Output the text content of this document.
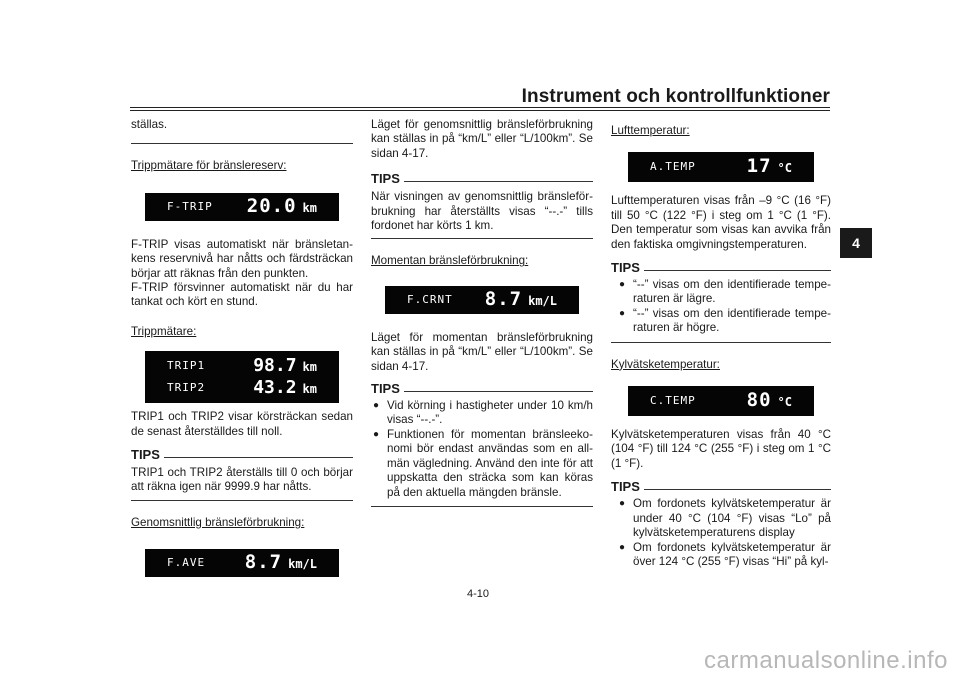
Instrument och kontrollfunktioner
4

ställas.

Trippmätare för bränslereserv:

F-TRIP 20.0 km

F-TRIP visas automatiskt när bränsletankens reservnivå har nåtts och färdsträckan börjar att räknas från den punkten.

F-TRIP försvinner automatiskt när du har tankat och kört en stund.

Trippmätare:

TRIP1	98.7 km
TRIP2	43.2 km

TRIP1 och TRIP2 visar körsträckan sedan de senast återställdes till noll.

TIPS

TRIP1 och TRIP2 återställs till 0 och börjar att räkna igen när 9999.9 har nåtts.

Genomsnittlig bränsleförbrukning:

F.AVE 8.7 km/L

Läget för genomsnittlig bränsleförbrukning kan ställas in på “km/L” eller “L/100km”. Se sidan 4-17.

TIPS

När visningen av genomsnittlig bränsleförbrukning har återställts visas “--.-” tills fordonet har körts 1 km.

Momentan bränsleförbrukning:

F.CRNT 8.7 km/L

Läget för momentan bränsleförbrukning kan ställas in på “km/L” eller “L/100km”. Se sidan 4-17.

TIPS
● Vid körning i hastigheter under 10 km/h visas “--.-”.
● Funktionen för momentan bränsleekonomi bör endast användas som en allmän vägledning. Använd den inte för att uppskatta den sträcka som kan köras på den aktuella mängden bränsle.

Lufttemperatur:

A.TEMP	17 °C

Lufttemperaturen visas från –9 °C (16 °F) till 50 °C (122 °F) i steg om 1 °C (1 °F). Den temperatur som visas kan avvika från den faktiska omgivningstemperaturen.

TIPS
● “--” visas om den identifierade temperaturen är lägre.
● “--” visas om den identifierade temperaturen är högre.

Kylvätsketemperatur:

C.TEMP	80 °C

Kylvätsketemperaturen visas från 40 °C (104 °F) till 124 °C (255 °F) i steg om 1 °C (1 °F).

TIPS
● Om fordonets kylvätsketemperatur är under 40 °C (104 °F) visas “Lo” på kylvätsketemperaturens display
● Om fordonets kylvätsketemperatur är över 124 °C (255 °F) visas “Hi” på kyl-
4-10
carmanualsonline.info
